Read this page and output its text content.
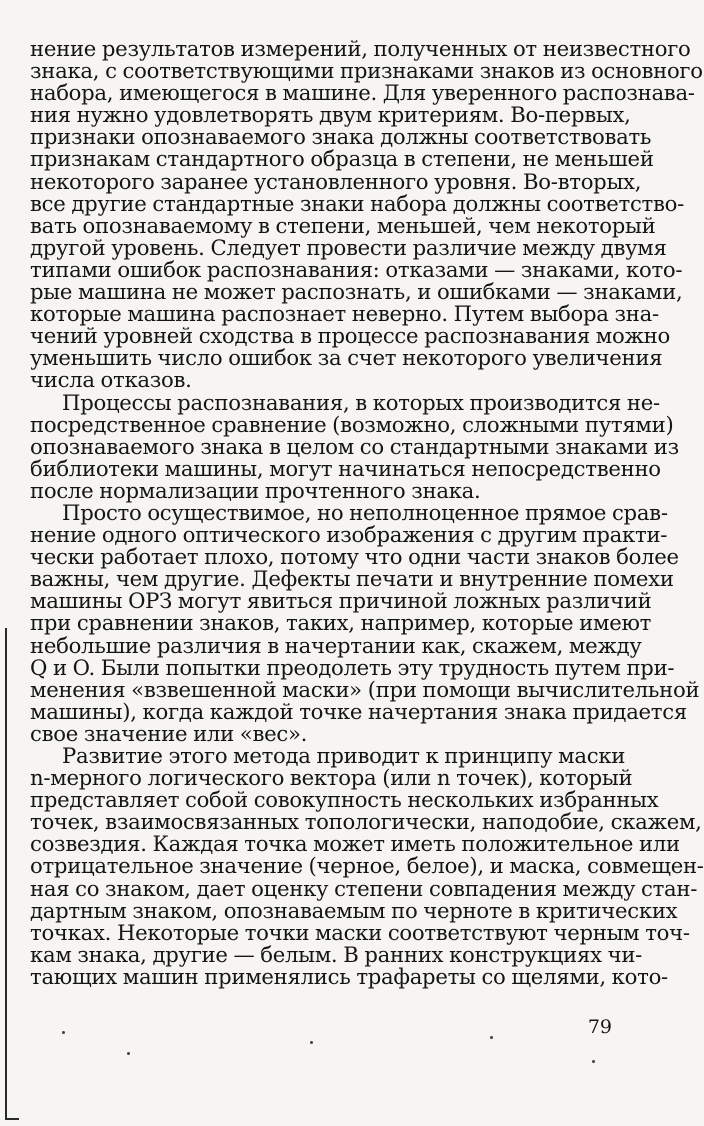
нение результатов измерений, полученных от неизвестного
знака, с соответствующими признаками знаков из основного
набора, имеющегося в машине. Для уверенного распознава-
ния нужно удовлетворять двум критериям. Во-первых,
признаки опознаваемого знака должны соответствовать
признакам стандартного образца в степени, не меньшей
некоторого заранее установленного уровня. Во-вторых,
все другие стандартные знаки набора должны соответство-
вать опознаваемому в степени, меньшей, чем некоторый
другой уровень. Следует провести различие между двумя
типами ошибок распознавания: отказами — знаками, кото-
рые машина не может распознать, и ошибками — знаками,
которые машина распознает неверно. Путем выбора зна-
чений уровней сходства в процессе распознавания можно
уменьшить число ошибок за счет некоторого увеличения
числа отказов.
Процессы распознавания, в которых производится не-
посредственное сравнение (возможно, сложными путями)
опознаваемого знака в целом со стандартными знаками из
библиотеки машины, могут начинаться непосредственно
после нормализации прочтенного знака.
Просто осуществимое, но неполноценное прямое срав-
нение одного оптического изображения с другим практи-
чески работает плохо, потому что одни части знаков более
важны, чем другие. Дефекты печати и внутренние помехи
машины ОРЗ могут явиться причиной ложных различий
при сравнении знаков, таких, например, которые имеют
небольшие различия в начертании как, скажем, между
Q и O. Были попытки преодолеть эту трудность путем при-
менения «взвешенной маски» (при помощи вычислительной
машины), когда каждой точке начертания знака придается
свое значение или «вес».
Развитие этого метода приводит к принципу маски
n-мерного логического вектора (или n точек), который
представляет собой совокупность нескольких избранных
точек, взаимосвязанных топологически, наподобие, скажем,
созвездия. Каждая точка может иметь положительное или
отрицательное значение (черное, белое), и маска, совмещен-
ная со знаком, дает оценку степени совпадения между стан-
дартным знаком, опознаваемым по черноте в критических
точках. Некоторые точки маски соответствуют черным точ-
кам знака, другие — белым. В ранних конструкциях чи-
тающих машин применялись трафареты со щелями, кото-
79
